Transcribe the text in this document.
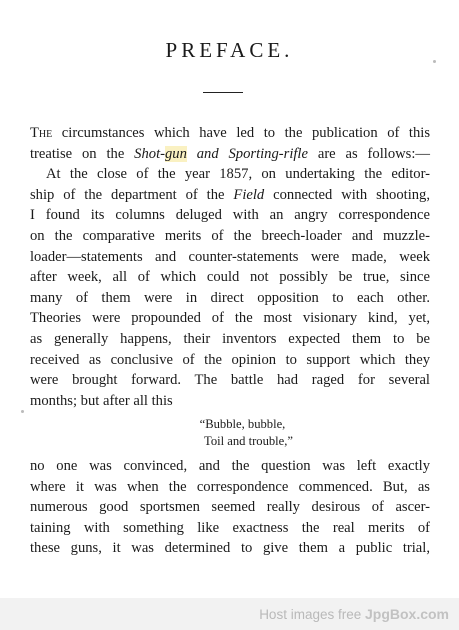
PREFACE.
The circumstances which have led to the publication of this
treatise on the Shot-gun and Sporting-rifle are as follows:—
At the close of the year 1857, on undertaking the editor-
ship of the department of the Field connected with shooting,
I found its columns deluged with an angry correspondence
on the comparative merits of the breech-loader and muzzle-
loader—statements and counter-statements were made, week
after week, all of which could not possibly be true, since
many of them were in direct opposition to each other.
Theories were propounded of the most visionary kind, yet,
as generally happens, their inventors expected them to be
received as conclusive of the opinion to support which they
were brought forward. The battle had raged for several
months; but after all this
“Bubble, bubble,
Toil and trouble,”
no one was convinced, and the question was left exactly
where it was when the correspondence commenced. But, as
numerous good sportsmen seemed really desirous of ascer-
taining with something like exactness the real merits of
these guns, it was determined to give them a public trial,
Host images free JpgBox.com
